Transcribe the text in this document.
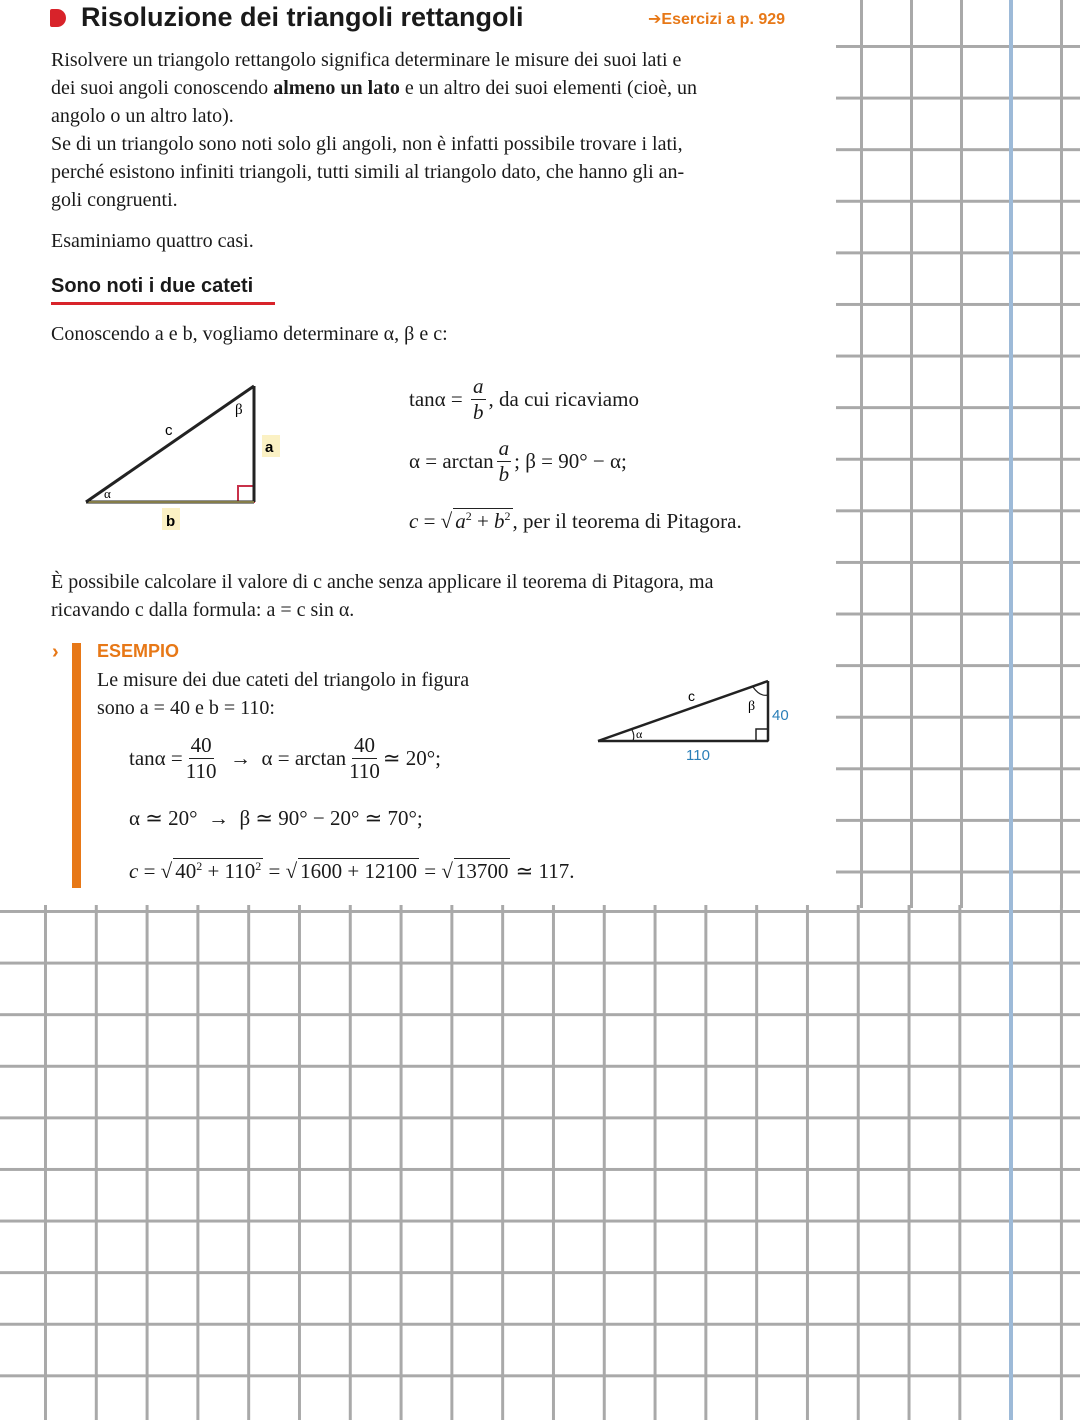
Risoluzione dei triangoli rettangoli	➔Esercizi a p. 929
Risolvere un triangolo rettangolo significa determinare le misure dei suoi lati e
dei suoi angoli conoscendo almeno un lato e un altro dei suoi elementi (cioè, un
angolo o un altro lato).
Se di un triangolo sono noti solo gli angoli, non è infatti possibile trovare i lati,
perché esistono infiniti triangoli, tutti simili al triangolo dato, che hanno gli an-
goli congruenti.
Esaminiamo quattro casi.
Sono noti i due cateti
Conoscendo a e b, vogliamo determinare α, β e c:
c
β
a
b
α
$\tan\alpha = \frac{a}{b}$ , da cui ricaviamo
$\alpha = \arctan \frac{a}{b}$ ; β = 90° − α;
c = √ $a^2 + b^2$ , per il teorema di Pitagora.
È possibile calcolare il valore di c anche senza applicare il teorema di Pitagora, ma
ricavando c dalla formula: a = c sin α.
› ESEMPIO
Le misure dei due cateti del triangolo in figura
sono a = 40 e b = 110:
$\tan\alpha = \frac{40}{110} \to \alpha = \arctan \frac{40}{110}$ ≃ 20°;
α ≃ 20°  →  β ≃ 90° − 20° ≃ 70°;
c = √ $40^2 + 110^2$ = √ 1600 + 12100 = √ 13700
≃ 117.
c
β
α
40
110
